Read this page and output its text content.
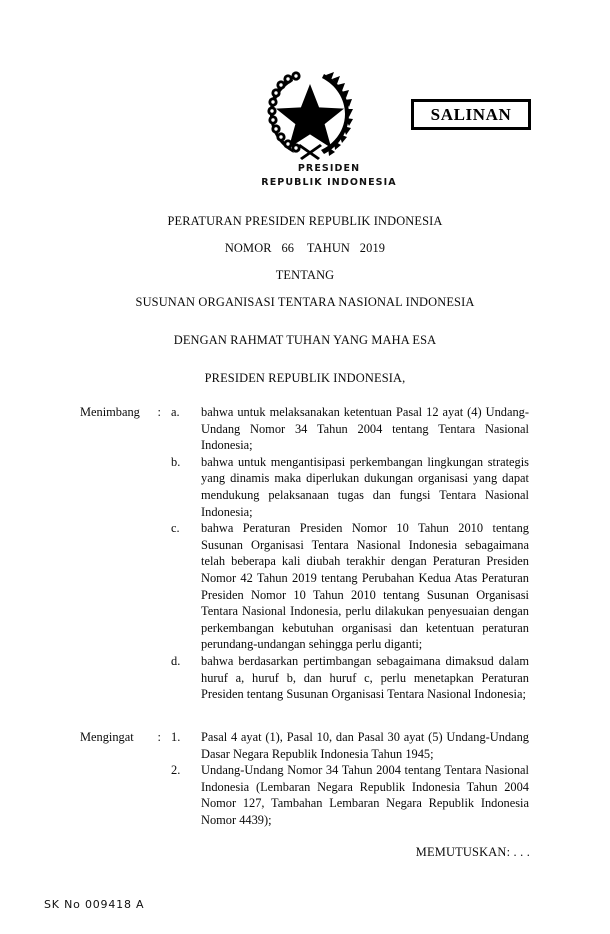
PRESIDEN
REPUBLIK INDONESIA
SALINAN
PERATURAN PRESIDEN REPUBLIK INDONESIA
NOMOR   66    TAHUN   2019
TENTANG
SUSUNAN ORGANISASI TENTARA NASIONAL INDONESIA
DENGAN RAHMAT TUHAN YANG MAHA ESA
PRESIDEN REPUBLIK INDONESIA,
Menimbang : a.	bahwa untuk melaksanakan ketentuan Pasal 12 ayat (4) Undang-Undang Nomor 34 Tahun 2004 tentang Tentara Nasional Indonesia;
b.	bahwa untuk mengantisipasi perkembangan lingkungan strategis yang dinamis maka diperlukan dukungan organisasi yang dapat mendukung pelaksanaan tugas dan fungsi Tentara Nasional Indonesia;
c.	bahwa Peraturan Presiden Nomor 10 Tahun 2010 tentang Susunan Organisasi Tentara Nasional Indonesia sebagaimana telah beberapa kali diubah terakhir dengan Peraturan Presiden Nomor 42 Tahun 2019 tentang Perubahan Kedua Atas Peraturan Presiden Nomor 10 Tahun 2010 tentang Susunan Organisasi Tentara Nasional Indonesia, perlu dilakukan penyesuaian dengan perkembangan kebutuhan organisasi dan ketentuan peraturan perundang-undangan sehingga perlu diganti;
d.	bahwa berdasarkan pertimbangan sebagaimana dimaksud dalam huruf a, huruf b, dan huruf c, perlu menetapkan Peraturan Presiden tentang Susunan Organisasi Tentara Nasional Indonesia;
Mengingat : 1.	Pasal 4 ayat (1), Pasal 10, dan Pasal 30 ayat (5) Undang-Undang Dasar Negara Republik Indonesia Tahun 1945;
2.	Undang-Undang Nomor 34 Tahun 2004 tentang Tentara Nasional Indonesia (Lembaran Negara Republik Indonesia Tahun 2004 Nomor 127, Tambahan Lembaran Negara Republik Indonesia Nomor 4439);
MEMUTUSKAN: . . .
SK No 009418 A
